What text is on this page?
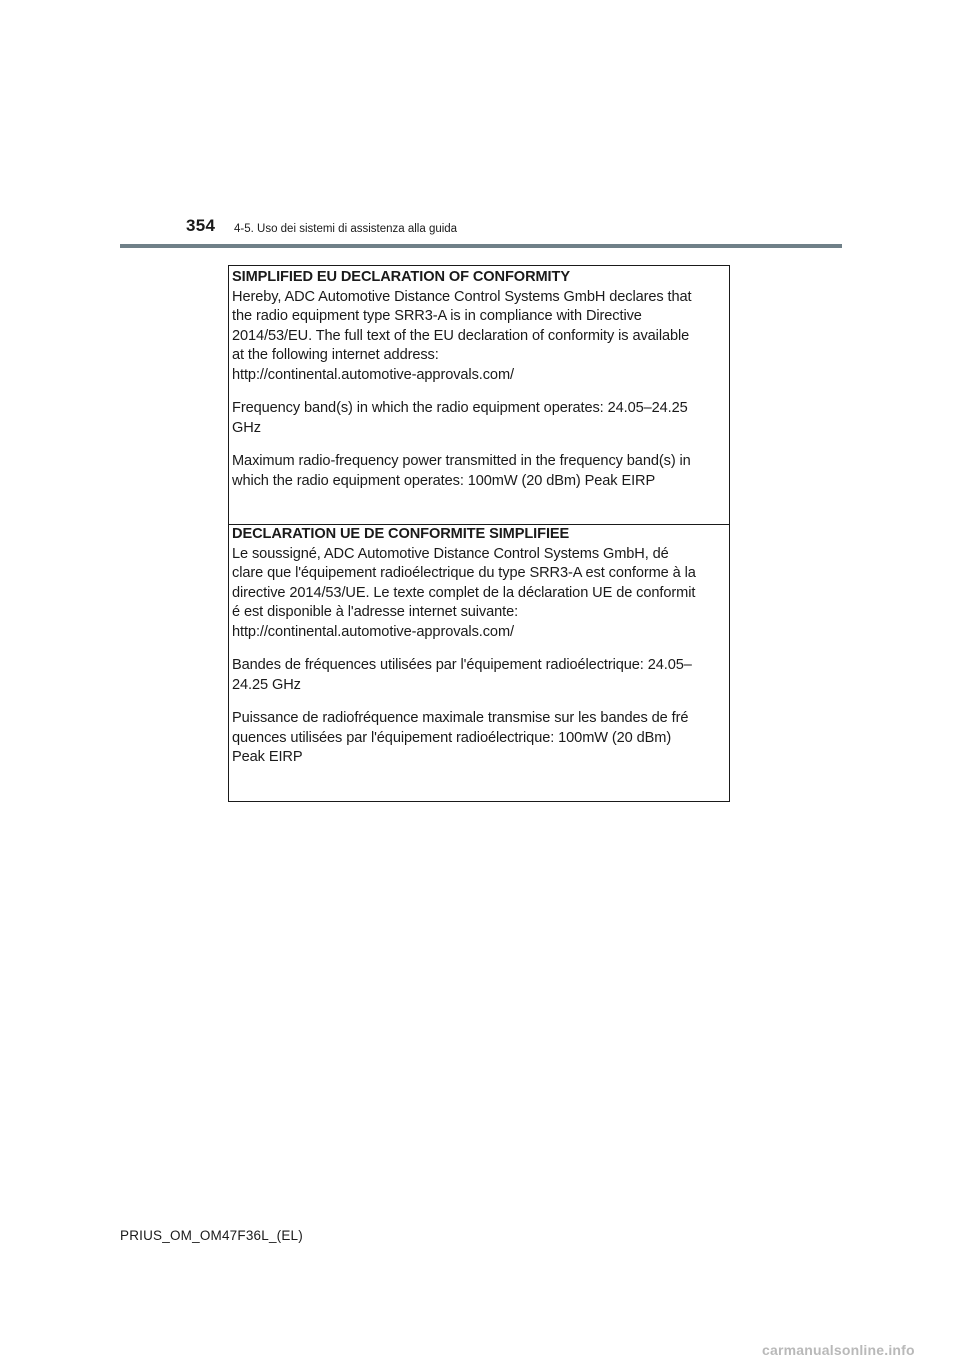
354 4-5. Uso dei sistemi di assistenza alla guida

SIMPLIFIED EU DECLARATION OF CONFORMITY

Hereby, ADC Automotive Distance Control Systems GmbH declares that

the radio equipment type SRR3-A is in compliance with Directive

2014/53/EU. The full text of the EU declaration of conformity is available

at the following internet address:

http://continental.automotive-approvals.com/

Frequency band(s) in which the radio equipment operates: 24.05–24.25

GHz

Maximum radio-frequency power transmitted in the frequency band(s) in

which the radio equipment operates: 100mW (20 dBm) Peak EIRP

DECLARATION UE DE CONFORMITE SIMPLIFIEE

Le soussigné, ADC Automotive Distance Control Systems GmbH, dé

clare que l'équipement radioélectrique du type SRR3-A est conforme à la

directive 2014/53/UE. Le texte complet de la déclaration UE de conformit

é est disponible à l'adresse internet suivante:

http://continental.automotive-approvals.com/

Bandes de fréquences utilisées par l'équipement radioélectrique: 24.05–

24.25 GHz

Puissance de radiofréquence maximale transmise sur les bandes de fré

quences utilisées par l'équipement radioélectrique: 100mW (20 dBm)

Peak EIRP

PRIUS_OM_OM47F36L_(EL)
carmanualsonline.info
